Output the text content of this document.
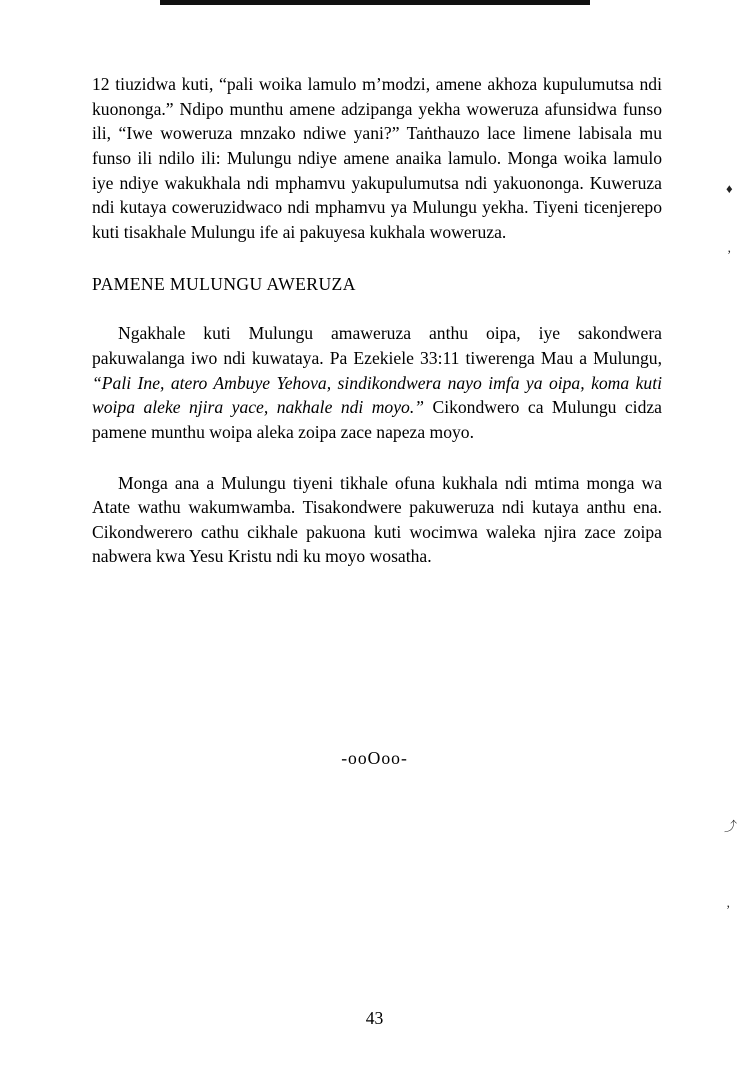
12 tiuzidwa kuti, “pali woika lamulo m’modzi, amene akhoza kupulumutsa ndi kuononga.” Ndipo munthu amene adzipanga yekha woweruza afunsidwa funso ili, “Iwe woweruza mnzako ndiwe yani?” Taṅthauzo lace limene labisala mu funso ili ndilo ili: Mulungu ndiye amene anaika lamulo. Monga woika lamulo iye ndiye wakukhala ndi mphamvu yakupulumutsa ndi yakuononɡa. Kuweruza ndi kutaya coweruzidwaco ndi mphamvu ya Mulungu yekha. Tiyeni ticenjerepo kuti tisakhale Mulungu ife ai pakuyesa kukhala woweruza.

PAMENE MULUNGU AWERUZA

Ngakhale kuti Mulungu amaweruza anthu oipa, iye sakondwera pakuwalanga iwo ndi kuwataya. Pa Ezekiele 33:11 tiwerenga Mau a Mulungu, “Pali Ine, atero Ambuye Yehova, sindikondwera nayo imfa ya oipa, koma kuti woipa aleke njira yace, nakhale ndi moyo.” Cikondwero ca Mulungu cidza pamene munthu woipa aleka zoipa zace napeza moyo.

Monga ana a Mulungu tiyeni tikhale ofuna kukhala ndi mtima monga wa Atate wathu wakumwamba. Tisakondwere pakuweruza ndi kutaya anthu ena. Cikondwerero cathu cikhale pakuona kuti wocimwa waleka njira zace zoipa nabwera kwa Yesu Kristu ndi ku moyo wosatha.

-ooOoo-
43
♦
’
⤴
’
